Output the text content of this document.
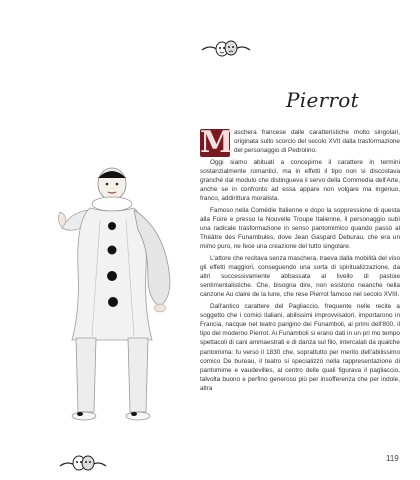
Pierrot
M aschera francese dalle caratteristiche molto singolari, originata sullo scorcio del secolo XVII dalla trasformazione del personaggio di Pedrolino.

Oggi siamo abituati a concepirne il carattere in termini sostanzialmente romantici, ma in effetti il tipo non si discostava granché dal modulo che distingueva il servo della Commedia dell'Arte, anche se in confronto ad essa appare non volgare ma ingenuo, franco, addirittura moralista.

Famoso nella Comédie Italienne e dopo la soppressione di questa alla Foire e presso la Nouvelle Troupe Italienne, il personaggio subì una radicale trasformazione in senso pantomimico quando passò al Théâtre des Funambules, dove Jean Gaspard Deburau, che era un mimo puro, ne fece una creazione del tutto singolare.

L'attore che recitava senza maschera, traeva dalla mobilità del viso gli effetti maggiori, conseguendo una sorta di spiritualizzazione, da altri successivamente abbassata al livello di pastoie sentimentalistiche. Che, bisogna dire, non esistono neanche nella canzone Au claire de la lune, che rese Pierrot famoso nel secolo XVIII.

Dall'antico carattere del Pagliaccio, frequente nelle recite a soggetto che i comici italiani, abilissimi improvvisatori, importarono in Francia, nacque nel teatro parigino dei Funamboli, ai primi dell'800, il tipo del moderno Pierrot. Ai Funamboli si erano dati in un pri mo tempo spettacoli di cani ammaestrati e di danza sul filo, intercalati da qualche pantomima: fu verso il 1830 che, soprattutto per merito dell'abilissimo comico De bureau, il teatro si specializzò nella rappresentazione di pantomime e vaudevilles, al centro delle quali figurava il pagliaccio, talvolta buono e perfino generoso più per insofferenza che per indole, altra

119
